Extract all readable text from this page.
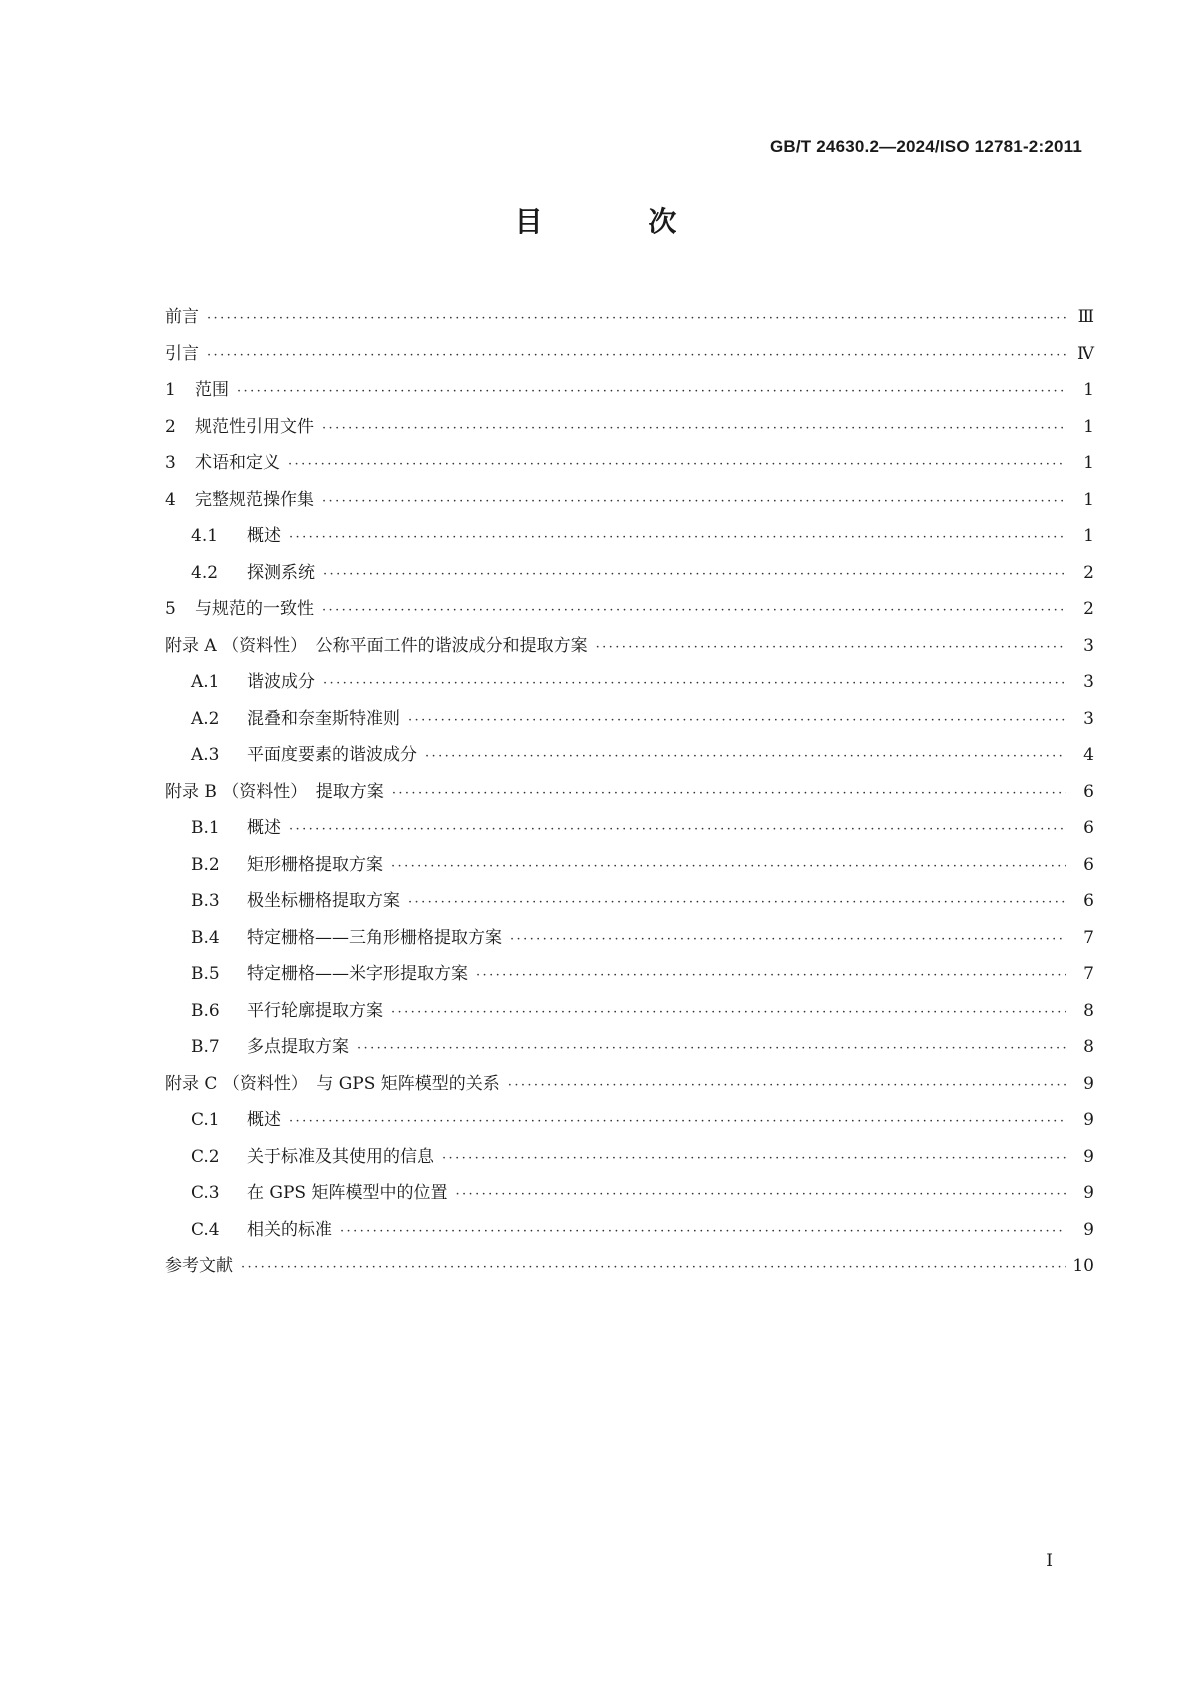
GB/T 24630.2—2024/ISO 12781-2:2011
目 次
前言 ·····	Ⅲ
引言 ·····	Ⅳ
1 范围 ·····	1
2 规范性引用文件 ·····	1
3 术语和定义 ·····	1
4 完整规范操作集 ·····	1
4.1 概述 ·····	1
4.2 探测系统 ·····	2
5 与规范的一致性 ·····	2
附录 A （资料性）　公称平面工件的谐波成分和提取方案 ·····	3
A.1 谐波成分 ·····	3
A.2 混叠和奈奎斯特准则 ·····	3
A.3 平面度要素的谐波成分 ·····	4
附录 B （资料性）　提取方案 ·····	6
B.1 概述 ·····	6
B.2 矩形栅格提取方案 ·····	6
B.3 极坐标栅格提取方案 ·····	6
B.4 特定栅格——三角形栅格提取方案 ·····	7
B.5 特定栅格——米字形提取方案 ·····	7
B.6 平行轮廓提取方案 ·····	8
B.7 多点提取方案 ·····	8
附录 C （资料性）　与 GPS 矩阵模型的关系 ·····	9
C.1 概述 ·····	9
C.2 关于标准及其使用的信息 ·····	9
C.3 在 GPS 矩阵模型中的位置 ·····	9
C.4 相关的标准 ·····	9
参考文献 ·····	10
Ⅰ
